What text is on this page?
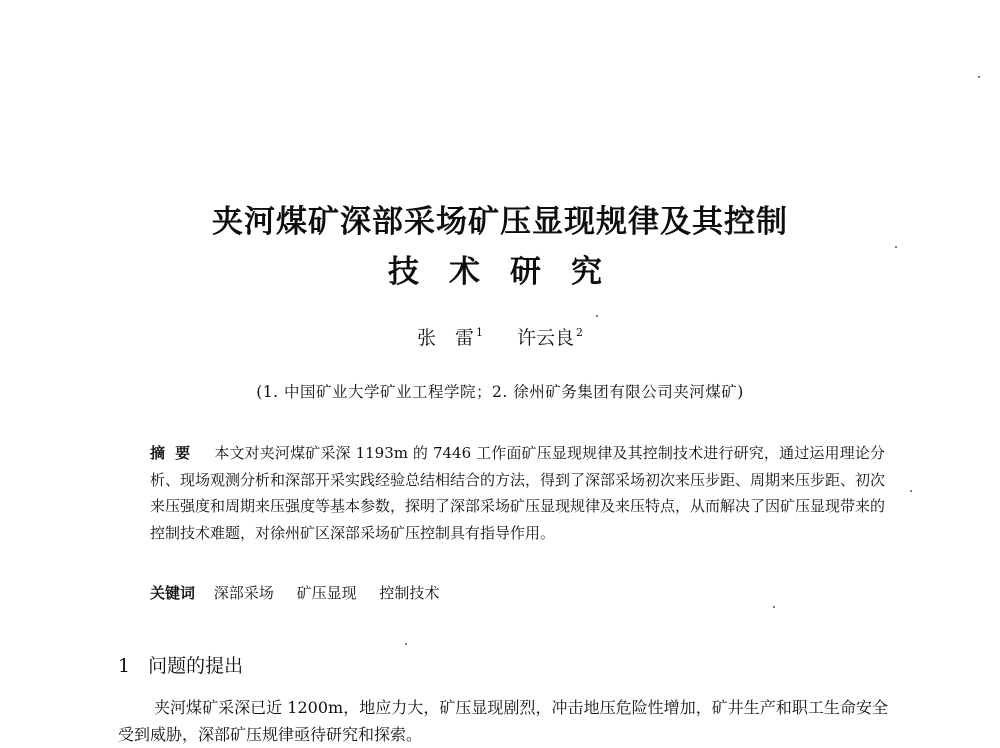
夹河煤矿深部采场矿压显现规律及其控制
技术研究
张　雷 $^1$ 许云良 $^2$
(1. 中国矿业大学矿业工程学院；2. 徐州矿务集团有限公司夹河煤矿)
摘要 本文对夹河煤矿采深 1193m 的 7446 工作面矿压显现规律及其控制技术进行研究，通过运用理论分析、现场观测分析和深部开采实践经验总结相结合的方法，得到了深部采场初次来压步距、周期来压步距、初次来压强度和周期来压强度等基本参数，探明了深部采场矿压显现规律及来压特点，从而解决了因矿压显现带来的控制技术难题，对徐州矿区深部采场矿压控制具有指导作用。
关键词 深部采场 矿压显现 控制技术
1 问题的提出
夹河煤矿采深已近 1200m，地应力大，矿压显现剧烈，冲击地压危险性增加，矿井生产和职工生命安全受到威胁，深部矿压规律亟待研究和探索。
